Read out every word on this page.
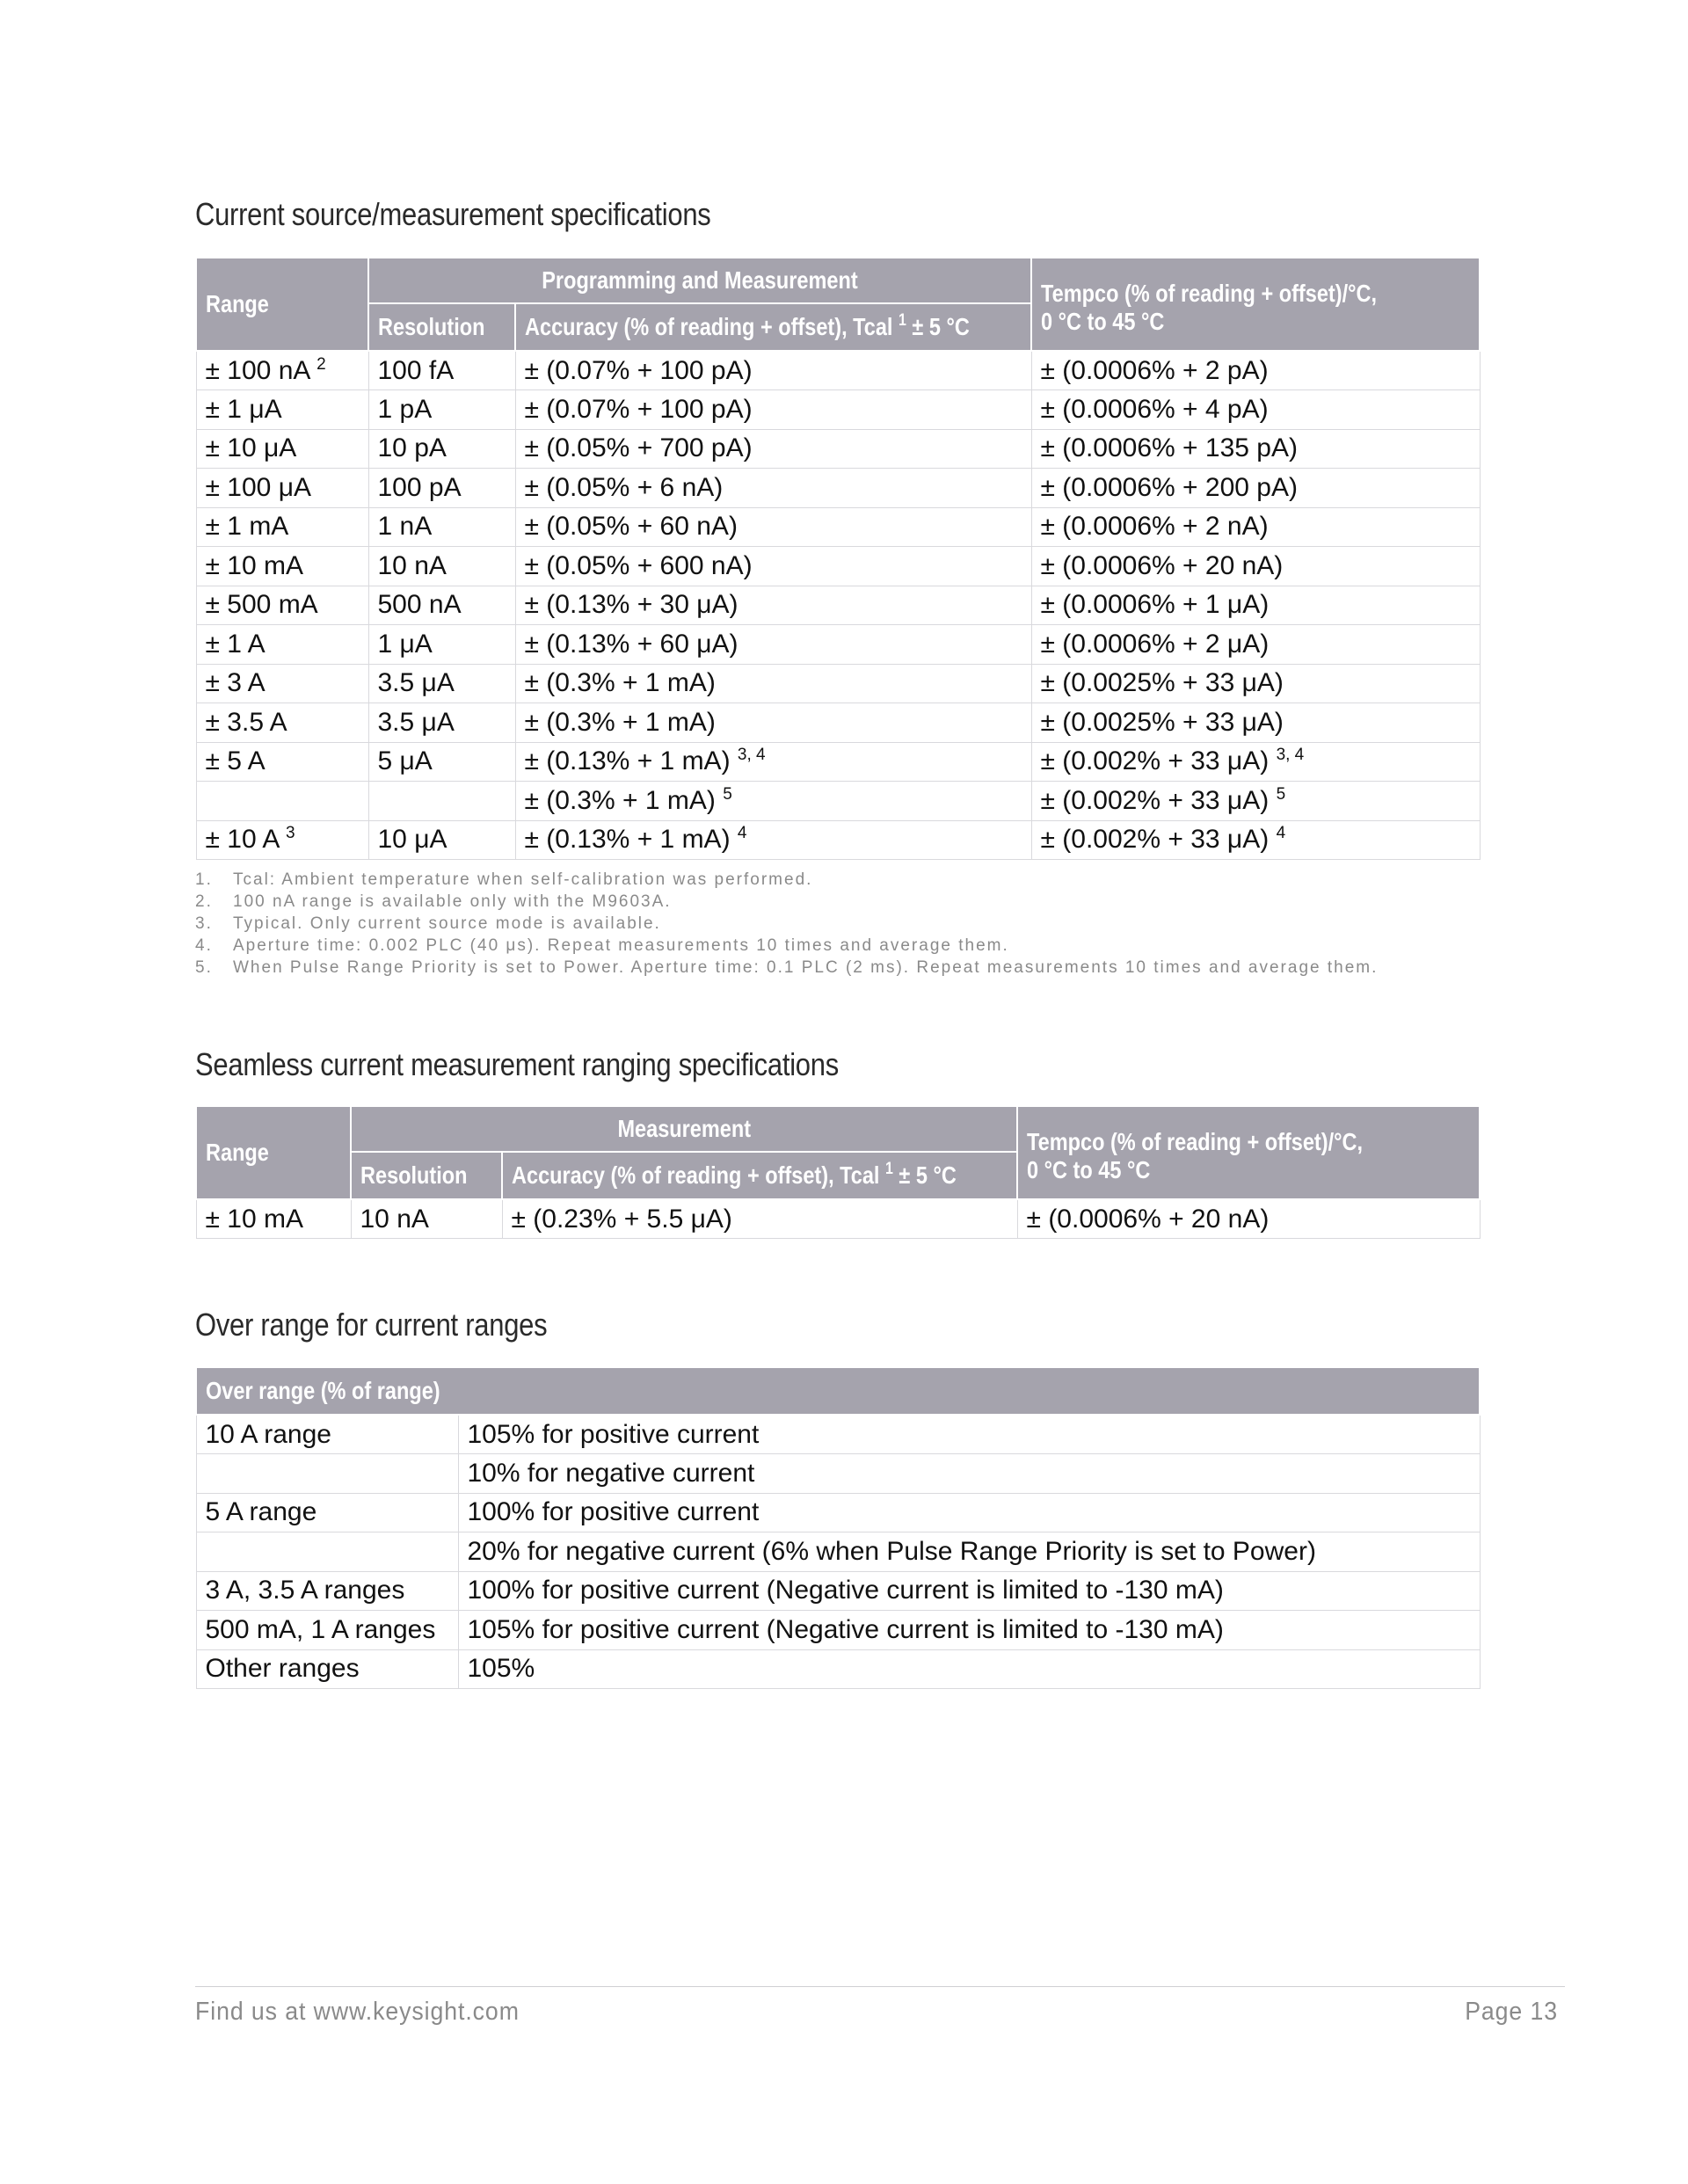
Current source/measurement specifications
Range	Programming and Measurement		Tempco (% of reading + offset)/°C,
0 °C to 45 °C
	Resolution	Accuracy (% of reading + offset), Tcal $^1$ ± 5 °C	
± 100 nA $^2$	100 fA	± (0.07% + 100 pA)	± (0.0006% + 2 pA)
± 1 μA	1 pA	± (0.07% + 100 pA)	± (0.0006% + 4 pA)
± 10 μA	10 pA	± (0.05% + 700 pA)	± (0.0006% + 135 pA)
± 100 μA	100 pA	± (0.05% + 6 nA)	± (0.0006% + 200 pA)
± 1 mA	1 nA	± (0.05% + 60 nA)	± (0.0006% + 2 nA)
± 10 mA	10 nA	± (0.05% + 600 nA)	± (0.0006% + 20 nA)
± 500 mA	500 nA	± (0.13% + 30 μA)	± (0.0006% + 1 μA)
± 1 A	1 μA	± (0.13% + 60 μA)	± (0.0006% + 2 μA)
± 3 A	3.5 μA	± (0.3% + 1 mA)	± (0.0025% + 33 μA)
± 3.5 A	3.5 μA	± (0.3% + 1 mA)	± (0.0025% + 33 μA)
± 5 A	5 μA	± (0.13% + 1 mA) $^{3, 4}$	± (0.002% + 33 μA) $^{3, 4}$
		± (0.3% + 1 mA) $^5$	± (0.002% + 33 μA) $^5$
± 10 A $^3$	10 μA	± (0.13% + 1 mA) $^4$	± (0.002% + 33 μA) $^4$
1. Tcal: Ambient temperature when self-calibration was performed.
2. 100 nA range is available only with the M9603A.
3. Typical. Only current source mode is available.
4. Aperture time: 0.002 PLC (40 μs). Repeat measurements 10 times and average them.
5. When Pulse Range Priority is set to Power. Aperture time: 0.1 PLC (2 ms). Repeat measurements 10 times and average them.
Seamless current measurement ranging specifications
Range	Measurement		Tempco (% of reading + offset)/°C,
0 °C to 45 °C
	Resolution	Accuracy (% of reading + offset), Tcal $^1$ ± 5 °C	
± 10 mA	10 nA	± (0.23% + 5.5 μA)	± (0.0006% + 20 nA)
Over range for current ranges
Over range (% of range)	
10 A range	105% for positive current
	10% for negative current
5 A range	100% for positive current
	20% for negative current (6% when Pulse Range Priority is set to Power)
3 A, 3.5 A ranges	100% for positive current (Negative current is limited to -130 mA)
500 mA, 1 A ranges	105% for positive current (Negative current is limited to -130 mA)
Other ranges	105%
Find us at www.keysight.com	Page 13
